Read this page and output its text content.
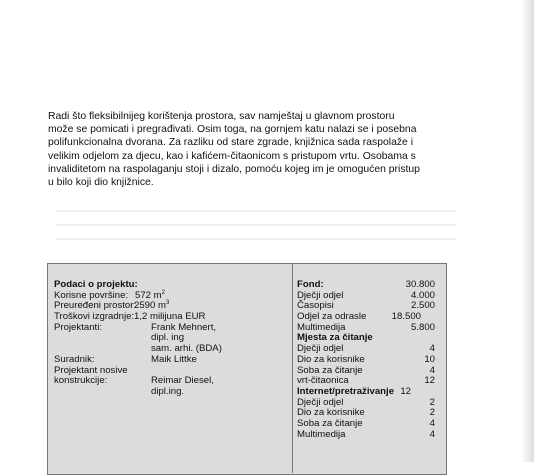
Radi što fleksibilnijeg korištenja prostora, sav namještaj u glavnom prostoru
može se pomicati i pregrađivati. Osim toga, na gornjem katu nalazi se i posebna
polifunkcionalna dvorana. Za razliku od stare zgrade, knjižnica sada raspolaže i
velikim odjelom za djecu, kao i kafićem-čitaonicom s pristupom vrtu. Osobama s
invaliditetom na raspolaganju stoji i dizalo, pomoću kojeg im je omogućen pristup
u bilo koji dio knjižnice.
Podaci o projektu:
Korisne površine: 572 $m^2$
Preuređeni prostor:
2590 $m^3$
Troškovi izgradnje: 1,2 milijuna EUR
Projektanti:	Frank Mehnert,
dipl. ing
sam. arhi. (BDA)
Suradnik:	Maik Littke
Projektant nosive
konstrukcije:	Reimar Diesel,
dipl.ing.
Fond:	30.800
Dječji odjel	4.000
Časopisi	2.500
Odjel za odrasle	18.500
Multimedija	5.800
Mjesta za čitanje
Dječji odjel	4
Dio za korisnike	10
Soba za čitanje	4
vrt-čitaonica	12
Internet/pretraživanje 12
Dječji odjel	2
Dio za korisnike	2
Soba za čitanje	4
Multimedija	4
